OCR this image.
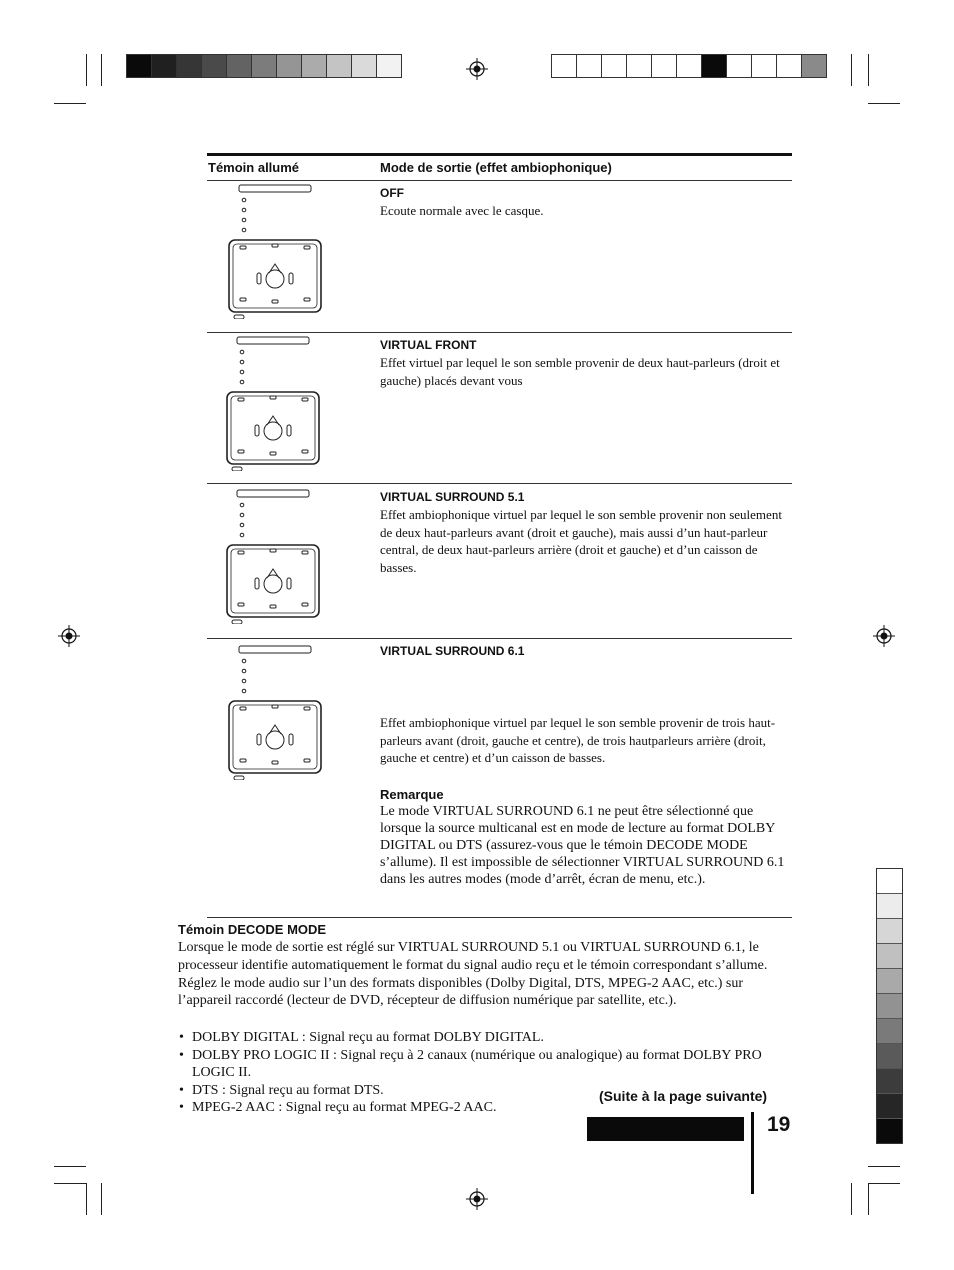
Témoin allumé	Mode de sortie (effet ambiophonique)
OFF
Ecoute normale avec le casque.
VIRTUAL FRONT
Effet virtuel par lequel le son semble provenir de deux haut-parleurs (droit et gauche) placés devant vous
VIRTUAL SURROUND 5.1
Effet ambiophonique virtuel par lequel le son semble provenir non seulement de deux haut-parleurs avant (droit et gauche), mais aussi d’un haut-parleur central, de deux haut-parleurs arrière (droit et gauche) et d’un caisson de basses.
VIRTUAL SURROUND 6.1
Effet ambiophonique virtuel par lequel le son semble provenir de trois haut-parleurs avant (droit, gauche et centre), de trois hautparleurs arrière (droit, gauche et centre) et d’un caisson de basses.
Remarque
Le mode VIRTUAL SURROUND 6.1 ne peut être sélectionné que lorsque la source multicanal est en mode de lecture au format DOLBY DIGITAL ou DTS (assurez-vous que le témoin DECODE MODE s’allume). Il est impossible de sélectionner VIRTUAL SURROUND 6.1 dans les autres modes (mode d’arrêt, écran de menu, etc.).
Témoin DECODE MODE
Lorsque le mode de sortie est réglé sur VIRTUAL SURROUND 5.1 ou VIRTUAL SURROUND 6.1, le processeur identifie automatiquement le format du signal audio reçu et le témoin correspondant s’allume. Réglez le mode audio sur l’un des formats disponibles (Dolby Digital, DTS, MPEG-2 AAC, etc.) sur l’appareil raccordé (lecteur de DVD, récepteur de diffusion numérique par satellite, etc.).
• DOLBY DIGITAL : Signal reçu au format DOLBY DIGITAL.
• DOLBY PRO LOGIC II : Signal reçu à 2 canaux (numérique ou analogique) au format DOLBY PRO LOGIC II.
• DTS : Signal reçu au format DTS.
• MPEG-2 AAC : Signal reçu au format MPEG-2 AAC.
(Suite à la page suivante)
19
